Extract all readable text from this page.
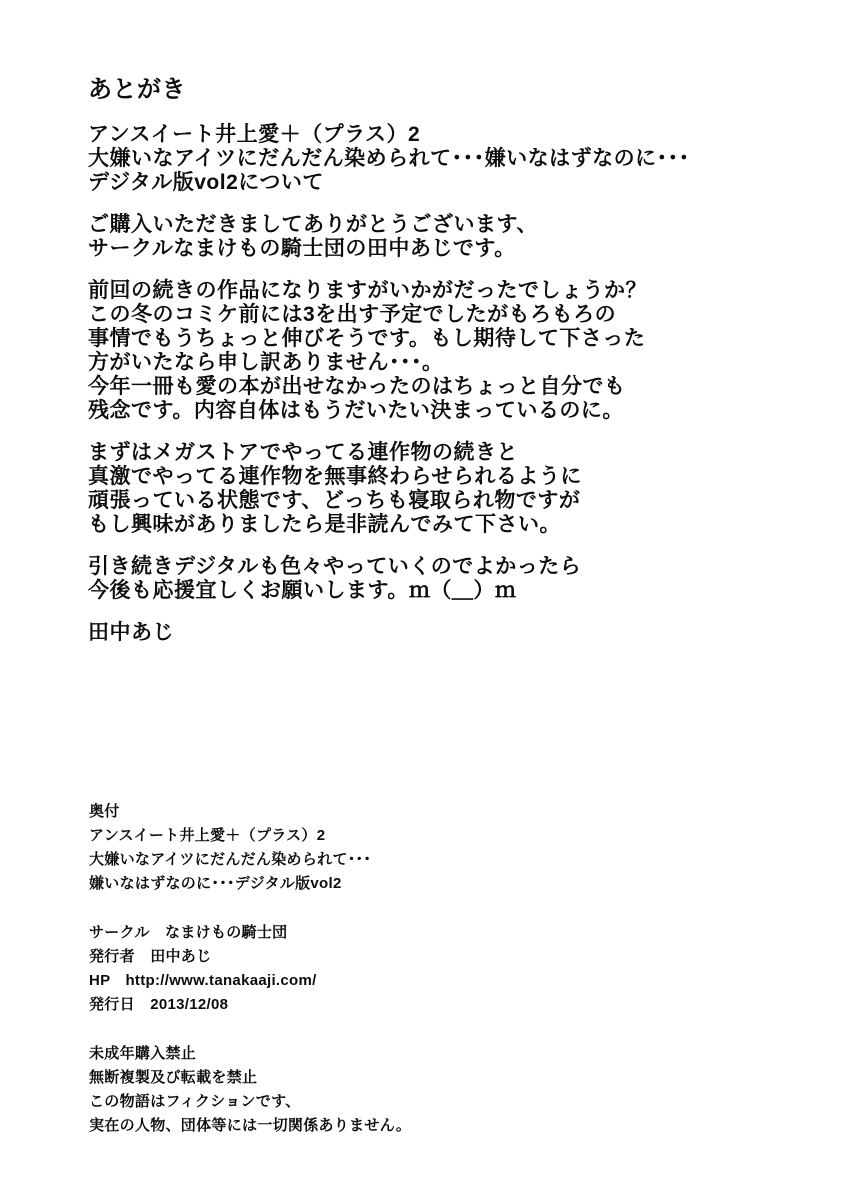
あとがき
アンスイート井上愛＋（プラス）2
大嫌いなアイツにだんだん染められて･･･嫌いなはずなのに･･･
デジタル版vol2について
ご購入いただきましてありがとうございます、
サークルなまけもの騎士団の田中あじです。
前回の続きの作品になりますがいかがだったでしょうか？
この冬のコミケ前には3を出す予定でしたがもろもろの
事情でもうちょっと伸びそうです。もし期待して下さった
方がいたなら申し訳ありません･･･。
今年一冊も愛の本が出せなかったのはちょっと自分でも
残念です。内容自体はもうだいたい決まっているのに。
まずはメガストアでやってる連作物の続きと
真激でやってる連作物を無事終わらせられるように
頑張っている状態です、どっちも寝取られ物ですが
もし興味がありましたら是非読んでみて下さい。
引き続きデジタルも色々やっていくのでよかったら
今後も応援宜しくお願いします。ｍ（＿）ｍ
田中あじ
奥付
アンスイート井上愛＋（プラス）2
大嫌いなアイツにだんだん染められて･･･
嫌いなはずなのに･･･デジタル版vol2
サークル　なまけもの騎士団
発行者　田中あじ
HP　http://www.tanakaaji.com/
発行日　2013/12/08
未成年購入禁止
無断複製及び転載を禁止
この物語はフィクションです、
実在の人物、団体等には一切関係ありません。
